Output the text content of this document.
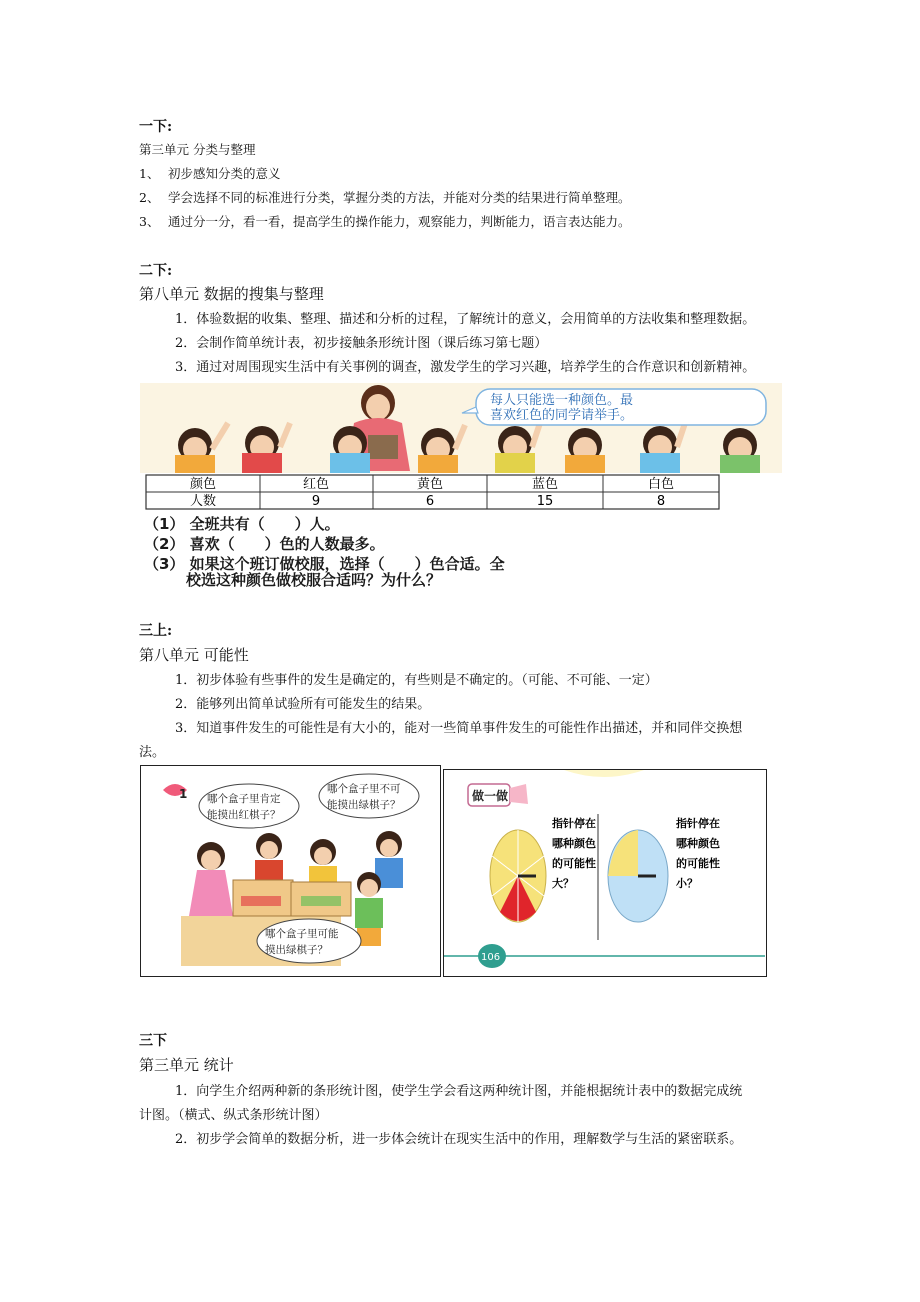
一下:
第三单元 分类与整理
1、 初步感知分类的意义
2、 学会选择不同的标准进行分类，掌握分类的方法，并能对分类的结果进行简单整理。
3、 通过分一分，看一看，提高学生的操作能力，观察能力，判断能力，语言表达能力。
二下:
第八单元 数据的搜集与整理
1．体验数据的收集、整理、描述和分析的过程，了解统计的意义，会用简单的方法收集和整理数据。
2．会制作简单统计表，初步接触条形统计图（课后练习第七题）
3．通过对周围现实生活中有关事例的调查，激发学生的学习兴趣，培养学生的合作意识和创新精神。
每人只能选一种颜色。最
喜欢红色的同学请举手。
颜色	红色	黄色	蓝色	白色
人数	9	6	15	8
（1） 全班共有（　　）人。
（2） 喜欢（　　）色的人数最多。
（3） 如果这个班订做校服，选择（　　）色合适。全
校选这种颜色做校服合适吗？为什么？
三上:
第八单元 可能性
1．初步体验有些事件的发生是确定的，有些则是不确定的。（可能、不可能、一定）
2．能够列出简单试验所有可能发生的结果。
3．知道事件发生的可能性是有大小的，能对一些简单事件发生的可能性作出描述，并和同伴交换想
法。
1 哪个盒子里肯定
能摸出红棋子？
哪个盒子里不可
能摸出绿棋子？
哪个盒子里可能
摸出绿棋子？
做一做
指针停在
哪种颜色
的可能性
大？
指针停在
哪种颜色
的可能性
小？
106
三下
第三单元 统计
1．向学生介绍两种新的条形统计图，使学生学会看这两种统计图，并能根据统计表中的数据完成统
计图。（横式、纵式条形统计图）
2．初步学会简单的数据分析，进一步体会统计在现实生活中的作用，理解数学与生活的紧密联系。
